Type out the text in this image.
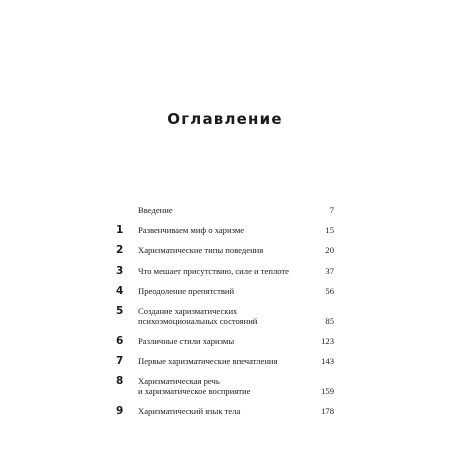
Оглавление
Введение	7
1	Развенчиваем миф о харизме	15
2	Харизматические типы поведения	20
3	Что мешает присутствию, силе и теплоте	37
4	Преодоление препятствий	56
5	Создание харизматических
психоэмоциональных состояний	85
6	Различные стили харизмы	123
7	Первые харизматические впечатления	143
8	Харизматическая речь
и харизматическое восприятие	159
9	Харизматический язык тела	178
